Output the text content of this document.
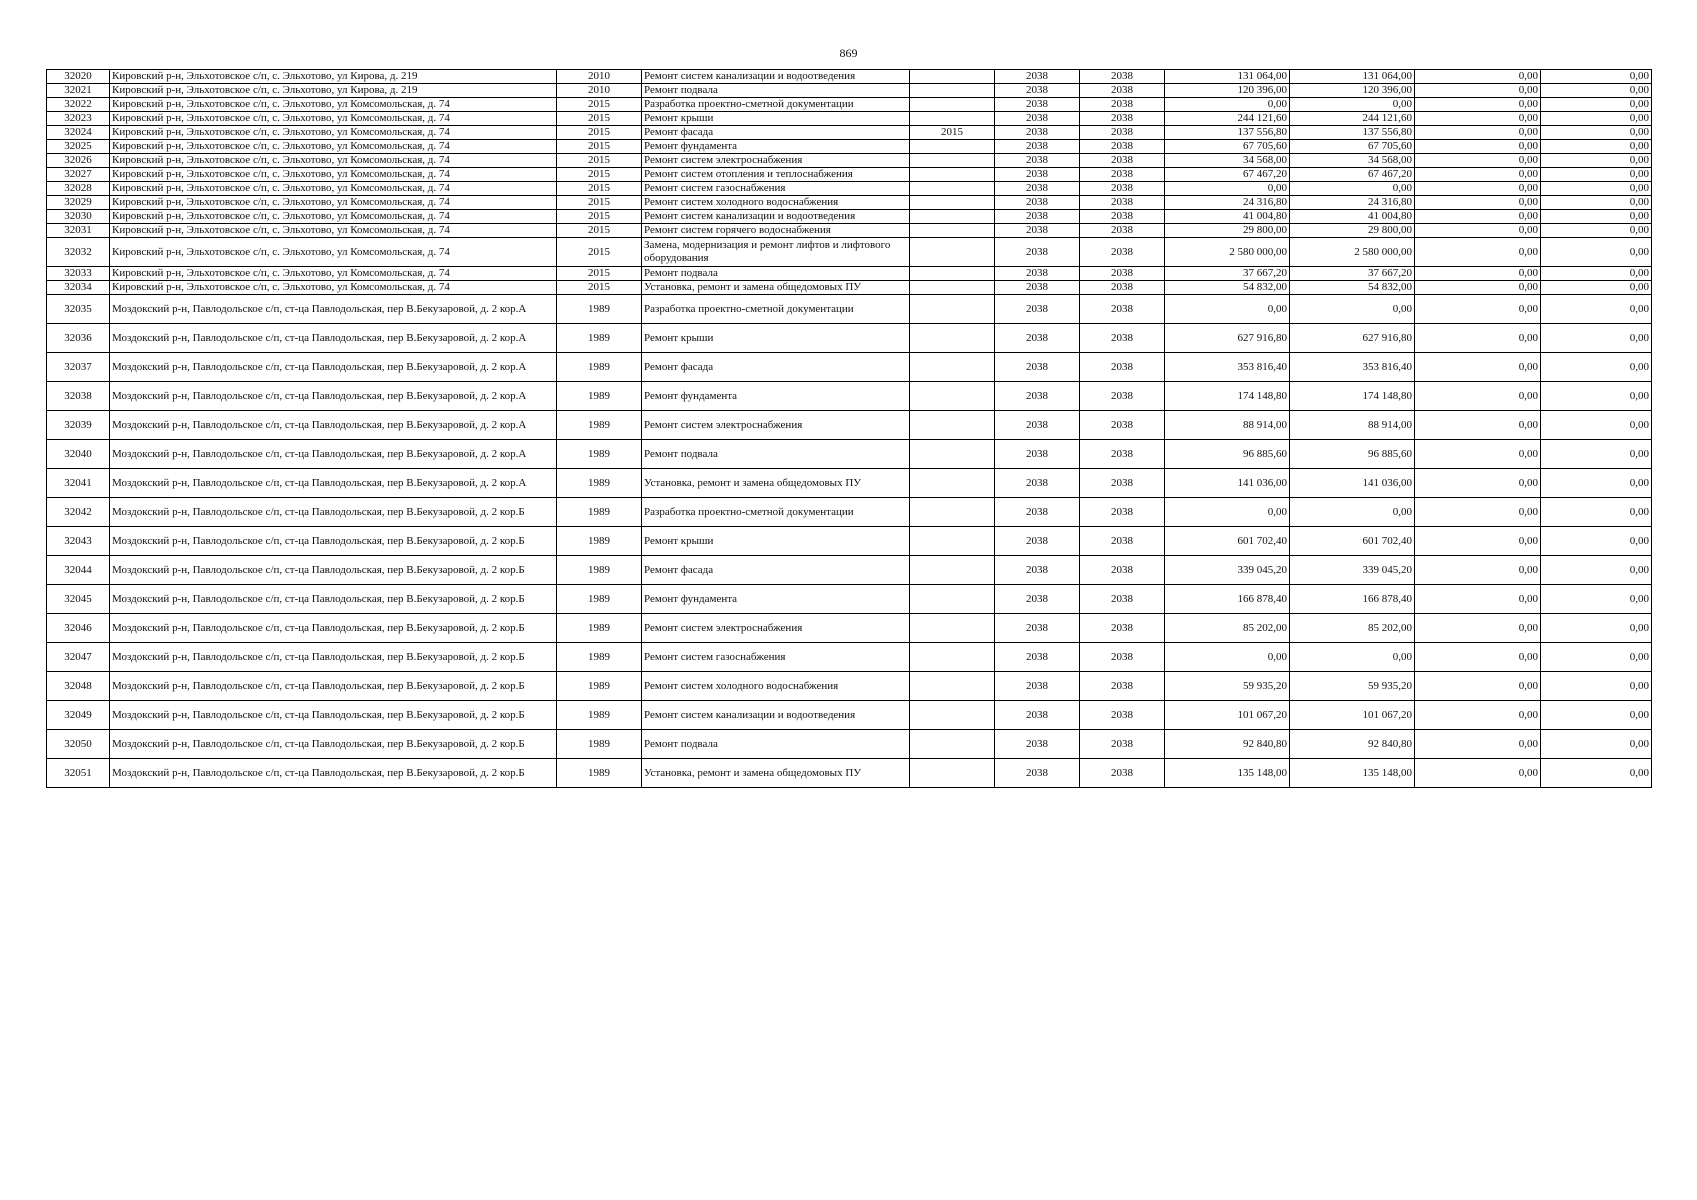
869
32020	Кировский р-н, Эльхотовское с/п, с. Эльхотово, ул Кирова, д. 219	2010	Ремонт систем канализации и водоотведения		2038	2038	131 064,00	131 064,00	0,00	0,00
32021	Кировский р-н, Эльхотовское с/п, с. Эльхотово, ул Кирова, д. 219	2010	Ремонт подвала		2038	2038	120 396,00	120 396,00	0,00	0,00
32022	Кировский р-н, Эльхотовское с/п, с. Эльхотово, ул Комсомольская, д. 74	2015	Разработка проектно-сметной документации		2038	2038	0,00	0,00	0,00	0,00
32023	Кировский р-н, Эльхотовское с/п, с. Эльхотово, ул Комсомольская, д. 74	2015	Ремонт крыши		2038	2038	244 121,60	244 121,60	0,00	0,00
32024	Кировский р-н, Эльхотовское с/п, с. Эльхотово, ул Комсомольская, д. 74	2015	Ремонт фасада	2015	2038	2038	137 556,80	137 556,80	0,00	0,00
32025	Кировский р-н, Эльхотовское с/п, с. Эльхотово, ул Комсомольская, д. 74	2015	Ремонт фундамента		2038	2038	67 705,60	67 705,60	0,00	0,00
32026	Кировский р-н, Эльхотовское с/п, с. Эльхотово, ул Комсомольская, д. 74	2015	Ремонт систем электроснабжения		2038	2038	34 568,00	34 568,00	0,00	0,00
32027	Кировский р-н, Эльхотовское с/п, с. Эльхотово, ул Комсомольская, д. 74	2015	Ремонт систем отопления и теплоснабжения		2038	2038	67 467,20	67 467,20	0,00	0,00
32028	Кировский р-н, Эльхотовское с/п, с. Эльхотово, ул Комсомольская, д. 74	2015	Ремонт систем газоснабжения		2038	2038	0,00	0,00	0,00	0,00
32029	Кировский р-н, Эльхотовское с/п, с. Эльхотово, ул Комсомольская, д. 74	2015	Ремонт систем холодного водоснабжения		2038	2038	24 316,80	24 316,80	0,00	0,00
32030	Кировский р-н, Эльхотовское с/п, с. Эльхотово, ул Комсомольская, д. 74	2015	Ремонт систем канализации и водоотведения		2038	2038	41 004,80	41 004,80	0,00	0,00
32031	Кировский р-н, Эльхотовское с/п, с. Эльхотово, ул Комсомольская, д. 74	2015	Ремонт систем горячего водоснабжения		2038	2038	29 800,00	29 800,00	0,00	0,00
32032	Кировский р-н, Эльхотовское с/п, с. Эльхотово, ул Комсомольская, д. 74	2015	Замена, модернизация и ремонт лифтов и лифтового оборудования		2038	2038	2 580 000,00	2 580 000,00	0,00	0,00
32033	Кировский р-н, Эльхотовское с/п, с. Эльхотово, ул Комсомольская, д. 74	2015	Ремонт подвала		2038	2038	37 667,20	37 667,20	0,00	0,00
32034	Кировский р-н, Эльхотовское с/п, с. Эльхотово, ул Комсомольская, д. 74	2015	Установка, ремонт и замена общедомовых ПУ		2038	2038	54 832,00	54 832,00	0,00	0,00
32035	Моздокский р-н, Павлодольское с/п, ст-ца Павлодольская, пер В.Бекузаровой, д. 2 кор.А	1989	Разработка проектно-сметной документации		2038	2038	0,00	0,00	0,00	0,00
32036	Моздокский р-н, Павлодольское с/п, ст-ца Павлодольская, пер В.Бекузаровой, д. 2 кор.А	1989	Ремонт крыши		2038	2038	627 916,80	627 916,80	0,00	0,00
32037	Моздокский р-н, Павлодольское с/п, ст-ца Павлодольская, пер В.Бекузаровой, д. 2 кор.А	1989	Ремонт фасада		2038	2038	353 816,40	353 816,40	0,00	0,00
32038	Моздокский р-н, Павлодольское с/п, ст-ца Павлодольская, пер В.Бекузаровой, д. 2 кор.А	1989	Ремонт фундамента		2038	2038	174 148,80	174 148,80	0,00	0,00
32039	Моздокский р-н, Павлодольское с/п, ст-ца Павлодольская, пер В.Бекузаровой, д. 2 кор.А	1989	Ремонт систем электроснабжения		2038	2038	88 914,00	88 914,00	0,00	0,00
32040	Моздокский р-н, Павлодольское с/п, ст-ца Павлодольская, пер В.Бекузаровой, д. 2 кор.А	1989	Ремонт подвала		2038	2038	96 885,60	96 885,60	0,00	0,00
32041	Моздокский р-н, Павлодольское с/п, ст-ца Павлодольская, пер В.Бекузаровой, д. 2 кор.А	1989	Установка, ремонт и замена общедомовых ПУ		2038	2038	141 036,00	141 036,00	0,00	0,00
32042	Моздокский р-н, Павлодольское с/п, ст-ца Павлодольская, пер В.Бекузаровой, д. 2 кор.Б	1989	Разработка проектно-сметной документации		2038	2038	0,00	0,00	0,00	0,00
32043	Моздокский р-н, Павлодольское с/п, ст-ца Павлодольская, пер В.Бекузаровой, д. 2 кор.Б	1989	Ремонт крыши		2038	2038	601 702,40	601 702,40	0,00	0,00
32044	Моздокский р-н, Павлодольское с/п, ст-ца Павлодольская, пер В.Бекузаровой, д. 2 кор.Б	1989	Ремонт фасада		2038	2038	339 045,20	339 045,20	0,00	0,00
32045	Моздокский р-н, Павлодольское с/п, ст-ца Павлодольская, пер В.Бекузаровой, д. 2 кор.Б	1989	Ремонт фундамента		2038	2038	166 878,40	166 878,40	0,00	0,00
32046	Моздокский р-н, Павлодольское с/п, ст-ца Павлодольская, пер В.Бекузаровой, д. 2 кор.Б	1989	Ремонт систем электроснабжения		2038	2038	85 202,00	85 202,00	0,00	0,00
32047	Моздокский р-н, Павлодольское с/п, ст-ца Павлодольская, пер В.Бекузаровой, д. 2 кор.Б	1989	Ремонт систем газоснабжения		2038	2038	0,00	0,00	0,00	0,00
32048	Моздокский р-н, Павлодольское с/п, ст-ца Павлодольская, пер В.Бекузаровой, д. 2 кор.Б	1989	Ремонт систем холодного водоснабжения		2038	2038	59 935,20	59 935,20	0,00	0,00
32049	Моздокский р-н, Павлодольское с/п, ст-ца Павлодольская, пер В.Бекузаровой, д. 2 кор.Б	1989	Ремонт систем канализации и водоотведения		2038	2038	101 067,20	101 067,20	0,00	0,00
32050	Моздокский р-н, Павлодольское с/п, ст-ца Павлодольская, пер В.Бекузаровой, д. 2 кор.Б	1989	Ремонт подвала		2038	2038	92 840,80	92 840,80	0,00	0,00
32051	Моздокский р-н, Павлодольское с/п, ст-ца Павлодольская, пер В.Бекузаровой, д. 2 кор.Б	1989	Установка, ремонт и замена общедомовых ПУ		2038	2038	135 148,00	135 148,00	0,00	0,00
